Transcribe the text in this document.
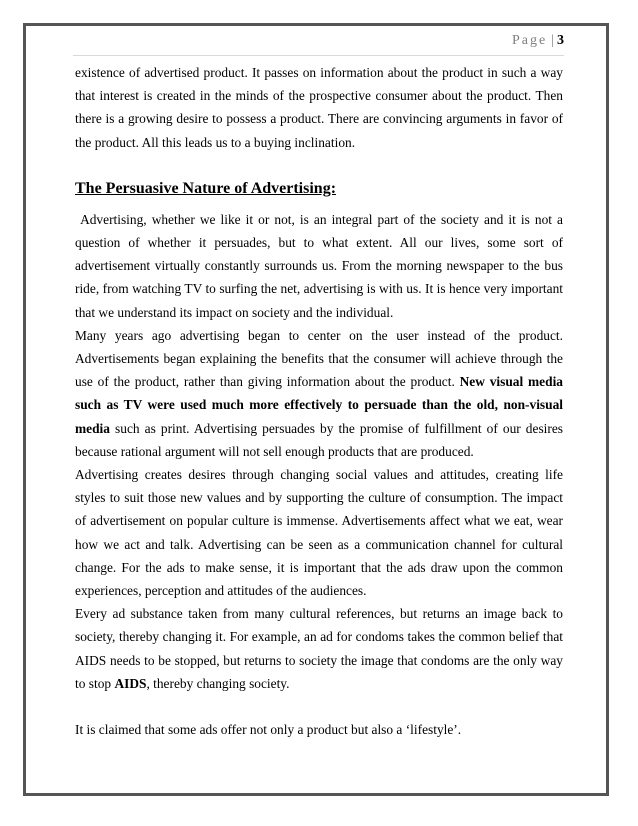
Page | 3

existence of advertised product. It passes on information about the product in such a way that interest is created in the minds of the prospective consumer about the product. Then there is a growing desire to possess a product. There are convincing arguments in favor of the product. All this leads us to a buying inclination.

The Persuasive Nature of Advertising:

Advertising, whether we like it or not, is an integral part of the society and it is not a question of whether it persuades, but to what extent. All our lives, some sort of advertisement virtually constantly surrounds us. From the morning newspaper to the bus ride, from watching TV to surfing the net, advertising is with us. It is hence very important that we understand its impact on society and the individual.

Many years ago advertising began to center on the user instead of the product. Advertisements began explaining the benefits that the consumer will achieve through the use of the product, rather than giving information about the product. New visual media such as TV were used much more effectively to persuade than the old, non-visual media such as print. Advertising persuades by the promise of fulfillment of our desires because rational argument will not sell enough products that are produced.

Advertising creates desires through changing social values and attitudes, creating life styles to suit those new values and by supporting the culture of consumption. The impact of advertisement on popular culture is immense. Advertisements affect what we eat, wear how we act and talk. Advertising can be seen as a communication channel for cultural change. For the ads to make sense, it is important that the ads draw upon the common experiences, perception and attitudes of the audiences.

Every ad substance taken from many cultural references, but returns an image back to society, thereby changing it. For example, an ad for condoms takes the common belief that AIDS needs to be stopped, but returns to society the image that condoms are the only way to stop AIDS, thereby changing society.

It is claimed that some ads offer not only a product but also a ‘lifestyle’.
